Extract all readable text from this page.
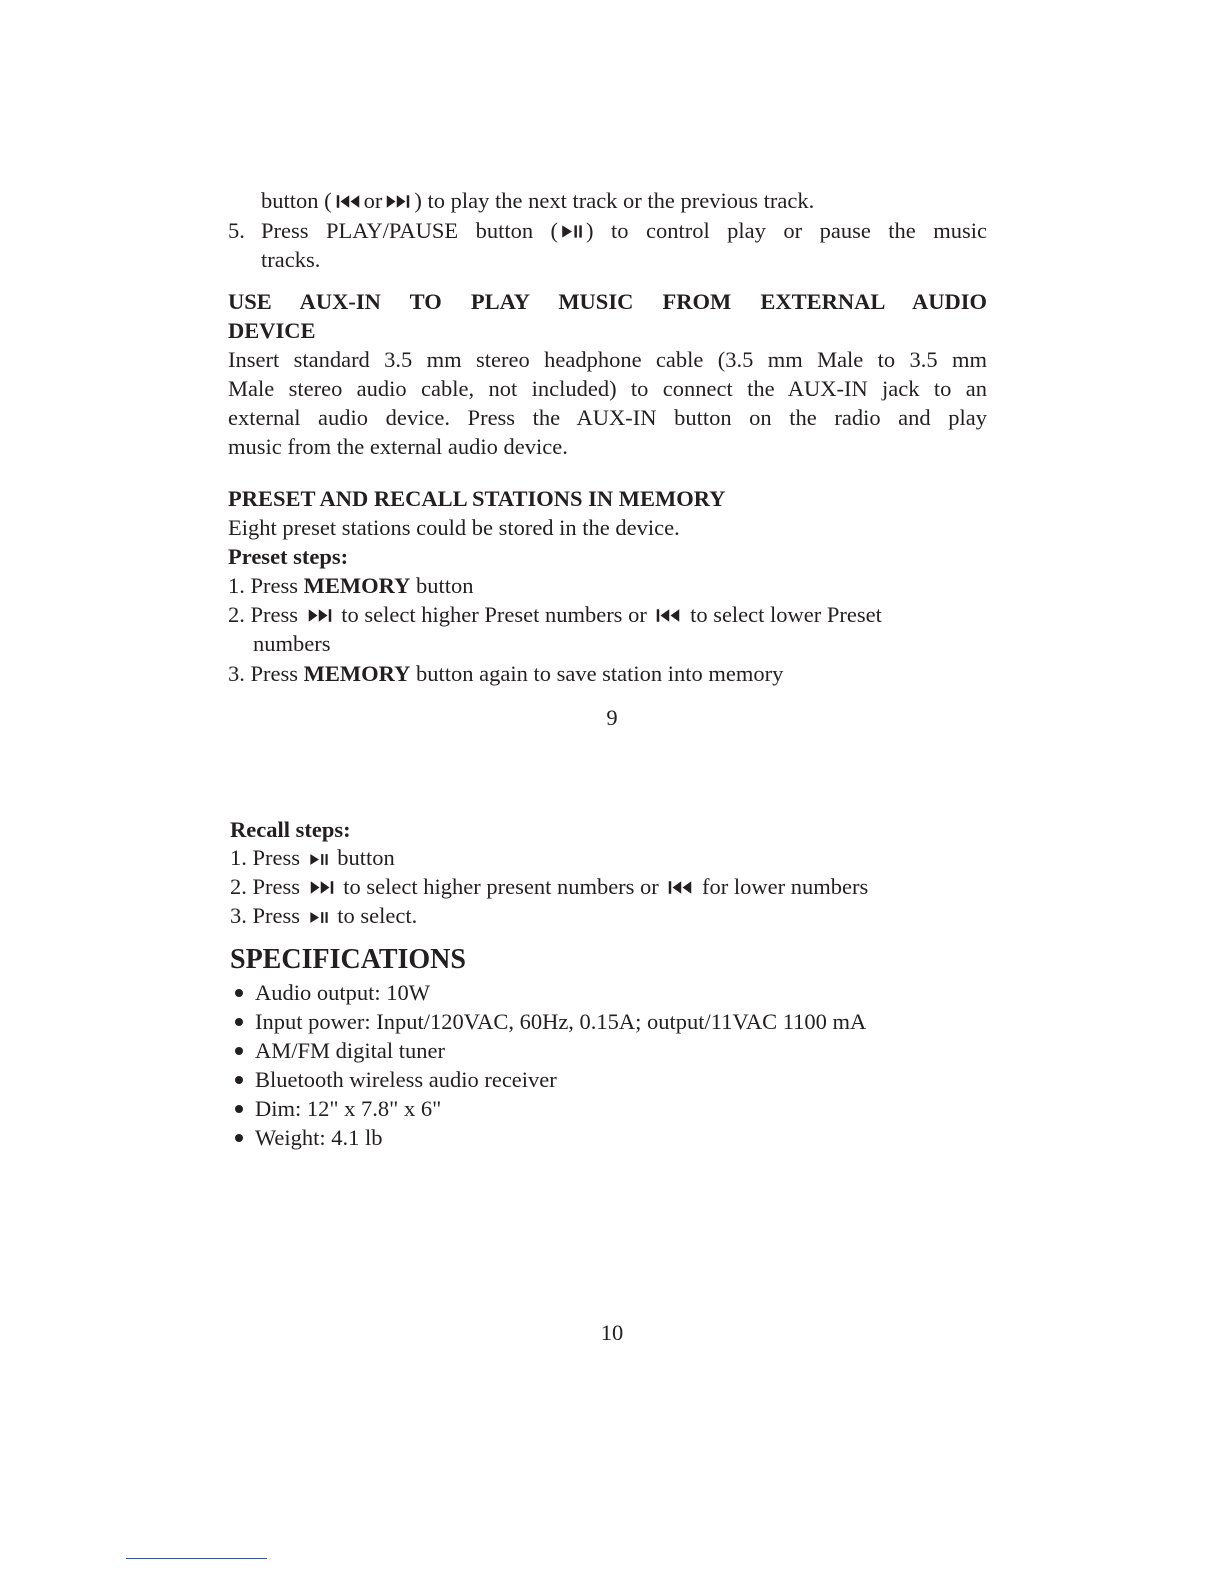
button ( or ) to play the next track or the previous track.
5. Press PLAY/PAUSE button ( ) to control play or pause the music
tracks.
USE AUX-IN TO PLAY MUSIC FROM EXTERNAL AUDIO
DEVICE
Insert standard 3.5 mm stereo headphone cable (3.5 mm Male to 3.5 mm
Male stereo audio cable, not included) to connect the AUX-IN jack to an
external audio device. Press the AUX-IN button on the radio and play
music from the external audio device.
PRESET AND RECALL STATIONS IN MEMORY
Eight preset stations could be stored in the device.
Preset steps:
1. Press MEMORY button
2. Press
to select higher Preset numbers or
to select lower Preset
numbers
3. Press MEMORY button again to save station into memory
9
Recall steps:
1. Press
button
2. Press
to select higher present numbers or
for lower numbers
3. Press
to select.
SPECIFICATIONS
Audio output: 10W
Input power: Input/120VAC, 60Hz, 0.15A; output/11VAC 1100 mA
AM/FM digital tuner
Bluetooth wireless audio receiver
Dim: 12" x 7.8" x 6"
Weight: 4.1 lb
10
